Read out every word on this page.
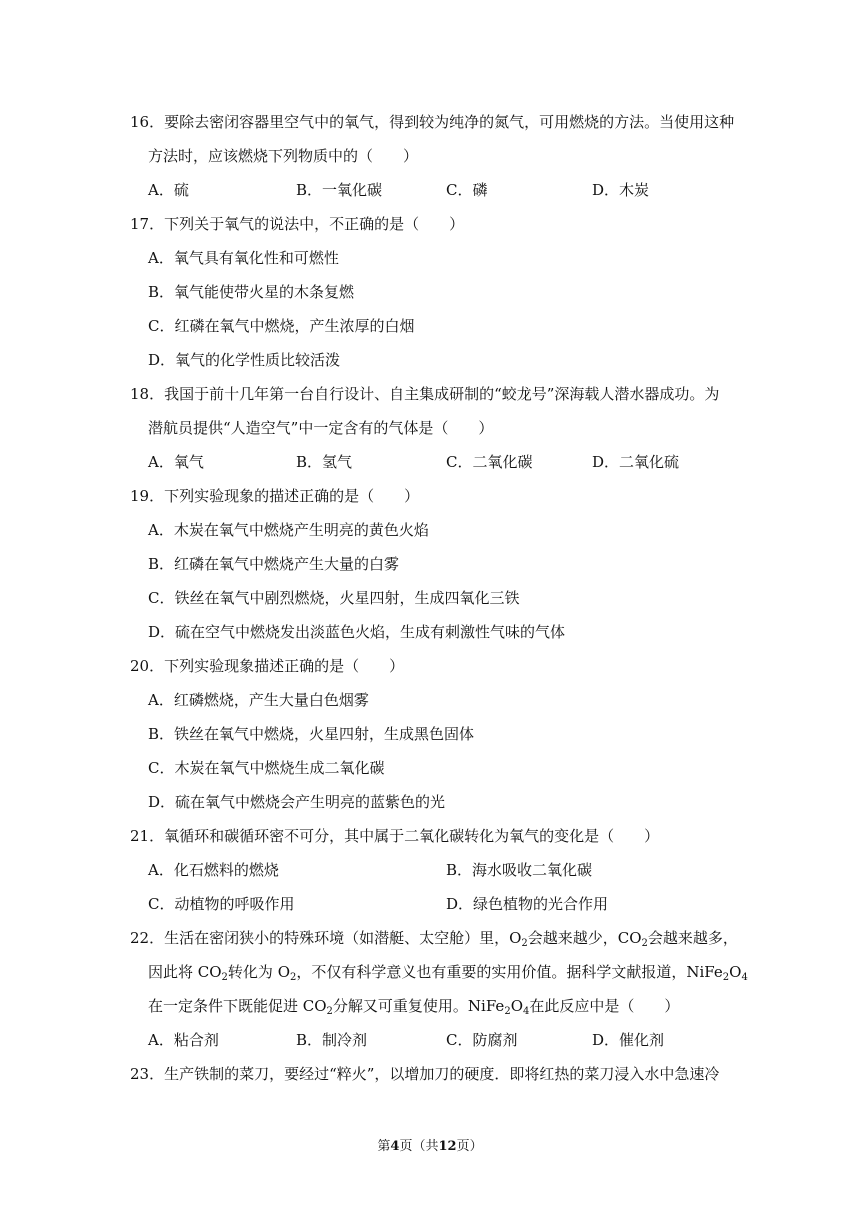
16．要除去密闭容器里空气中的氧气，得到较为纯净的氮气，可用燃烧的方法。当使用这种
方法时，应该燃烧下列物质中的（　　）
A．硫	B．一氧化碳	C．磷	D．木炭
17．下列关于氧气的说法中，不正确的是（　　）
A．氧气具有氧化性和可燃性
B．氧气能使带火星的木条复燃
C．红磷在氧气中燃烧，产生浓厚的白烟
D．氧气的化学性质比较活泼
18．我国于前十几年第一台自行设计、自主集成研制的“蛟龙号”深海载人潜水器成功。为
潜航员提供“人造空气”中一定含有的气体是（　　）
A．氧气	B．氢气	C．二氧化碳	D．二氧化硫
19．下列实验现象的描述正确的是（　　）
A．木炭在氧气中燃烧产生明亮的黄色火焰
B．红磷在氧气中燃烧产生大量的白雾
C．铁丝在氧气中剧烈燃烧，火星四射，生成四氧化三铁
D．硫在空气中燃烧发出淡蓝色火焰，生成有刺激性气味的气体
20．下列实验现象描述正确的是（　　）
A．红磷燃烧，产生大量白色烟雾
B．铁丝在氧气中燃烧，火星四射，生成黑色固体
C．木炭在氧气中燃烧生成二氧化碳
D．硫在氧气中燃烧会产生明亮的蓝紫色的光
21．氧循环和碳循环密不可分，其中属于二氧化碳转化为氧气的变化是（　　）
A．化石燃料的燃烧	B．海水吸收二氧化碳
C．动植物的呼吸作用	D．绿色植物的光合作用
22．生活在密闭狭小的特殊环境（如潜艇、太空舱）里，$O_2$会越来越少，$CO_2$会越来越多，
因此将 $CO_2$转化为 $O_2$，不仅有科学意义也有重要的实用价值。据科学文献报道，$NiFe_2O_4$
在一定条件下既能促进 $CO_2$分解又可重复使用。$NiFe_2O_4$在此反应中是（　　）
A．粘合剂	B．制冷剂	C．防腐剂	D．催化剂
23．生产铁制的菜刀，要经过“粹火”，以增加刀的硬度．即将红热的菜刀浸入水中急速冷
第4页（共12页）
